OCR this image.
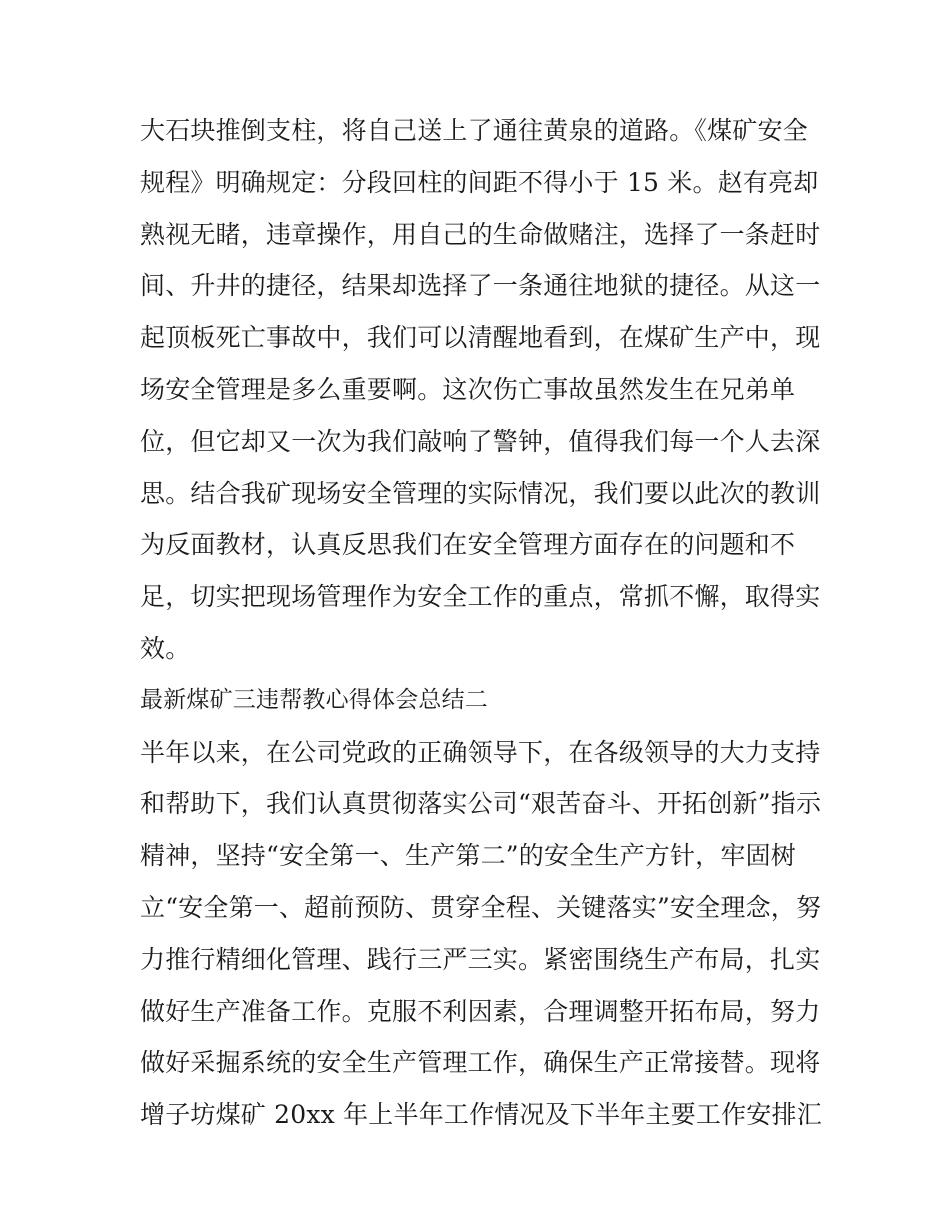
大石块推倒支柱，将自己送上了通往黄泉的道路。《煤矿安全
规程》明确规定：分段回柱的间距不得小于 15 米。赵有亮却
熟视无睹，违章操作，用自己的生命做赌注，选择了一条赶时
间、升井的捷径，结果却选择了一条通往地狱的捷径。从这一
起顶板死亡事故中，我们可以清醒地看到，在煤矿生产中，现
场安全管理是多么重要啊。这次伤亡事故虽然发生在兄弟单
位，但它却又一次为我们敲响了警钟，值得我们每一个人去深
思。结合我矿现场安全管理的实际情况，我们要以此次的教训
为反面教材，认真反思我们在安全管理方面存在的问题和不
足，切实把现场管理作为安全工作的重点，常抓不懈，取得实
效。
最新煤矿三违帮教心得体会总结二
半年以来，在公司党政的正确领导下，在各级领导的大力支持
和帮助下，我们认真贯彻落实公司“艰苦奋斗、开拓创新”指示
精神，坚持“安全第一、生产第二”的安全生产方针，牢固树
立“安全第一、超前预防、贯穿全程、关键落实”安全理念，努
力推行精细化管理、践行三严三实。紧密围绕生产布局，扎实
做好生产准备工作。克服不利因素，合理调整开拓布局，努力
做好采掘系统的安全生产管理工作，确保生产正常接替。现将
增子坊煤矿 20xx 年上半年工作情况及下半年主要工作安排汇
